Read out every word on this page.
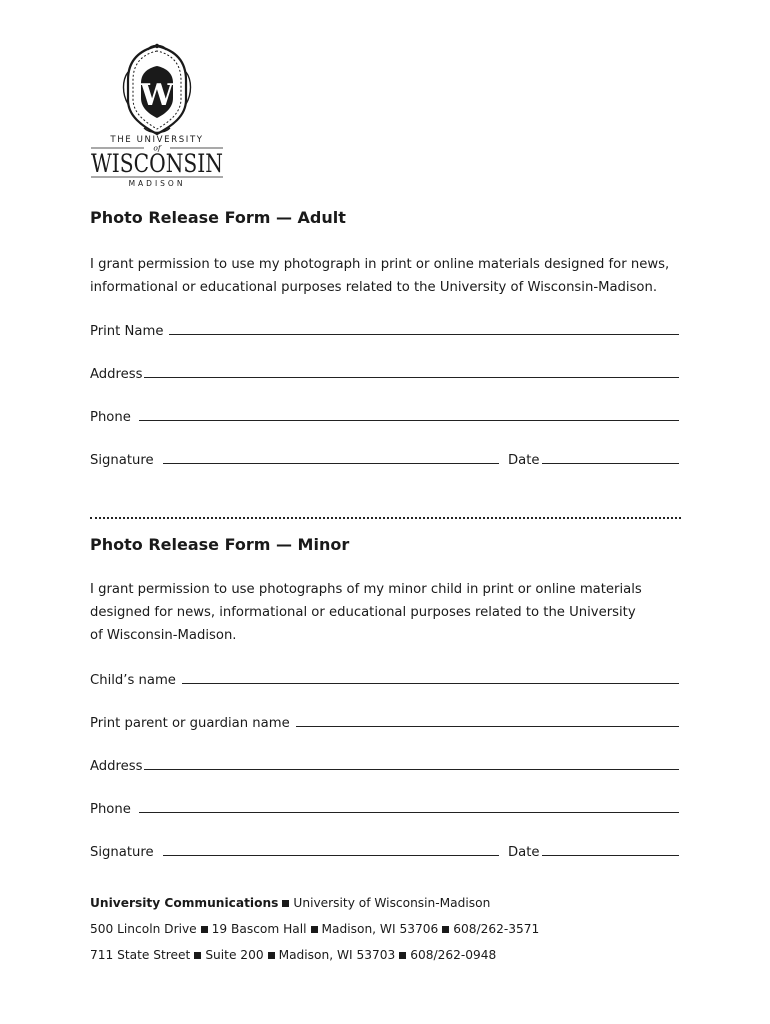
W
THE UNIVERSITY
of
WISCONSIN
MADISON
Photo Release Form — Adult

I grant permission to use my photograph in print or online materials designed for news, informational or educational purposes related to the University of Wisconsin-Madison.

Print Name
Address
Phone
Signature	Date
Photo Release Form — Minor

I grant permission to use photographs of my minor child in print or online materials designed for news, informational or educational purposes related to the University of Wisconsin-Madison.

Child’s name
Print parent or guardian name
Address
Phone
Signature	Date
University Communications University of Wisconsin-Madison
500 Lincoln Drive 19 Bascom Hall Madison, WI 53706 608/262-3571
711 State Street Suite 200 Madison, WI 53703 608/262-0948
